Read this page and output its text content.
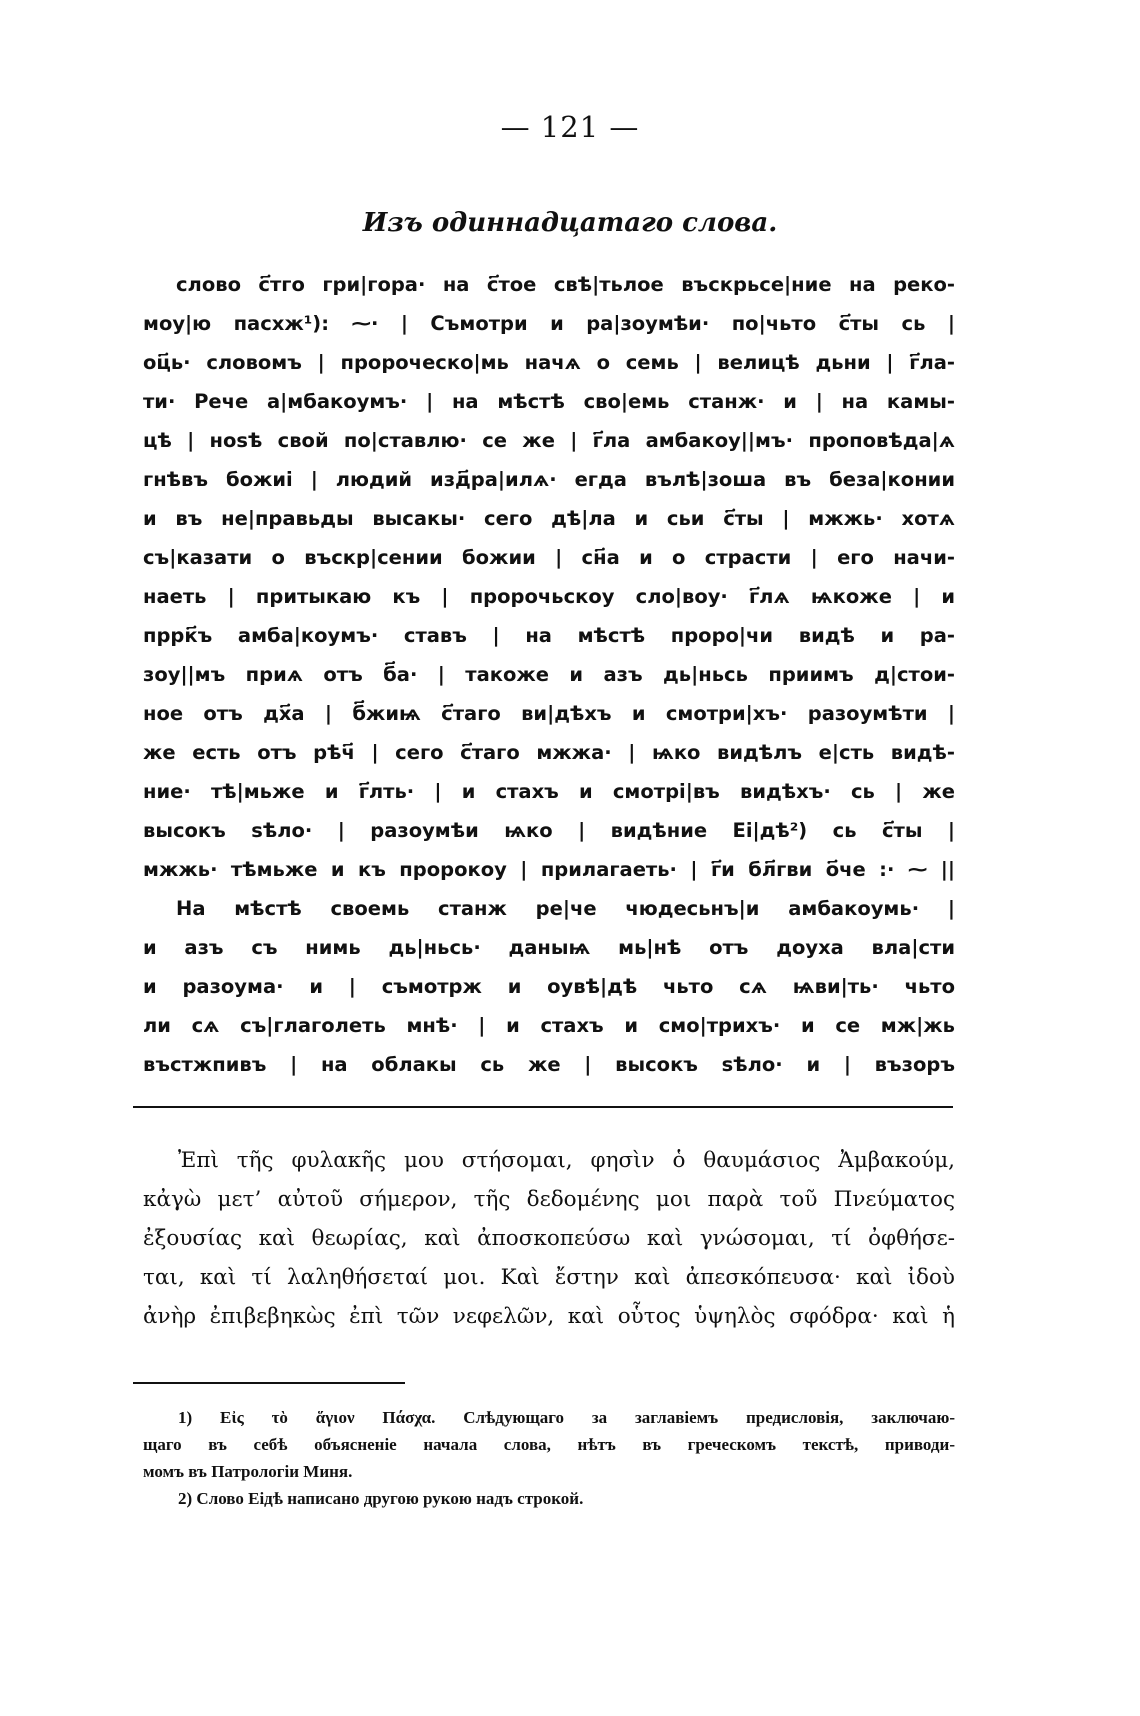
— 121 —
Изъ одиннадцатаго слова.
слово с҃тго гри|гора· на с҃тое свѣ|тьлое въскрьсе|ние на реко-
моу|ю пасхж¹): ⁓· | Съмотри и ра|зоумѣи· по|чьто с҃ты сь |
оц҃ь· словомъ | пророческо|мь начѧ о семь | велицѣ дьни | г҃ла-
ти· Рече а|мбакоумъ· | на мѣстѣ сво|емь станж· и | на камы-
цѣ | ноѕѣ свой по|ставлю· се же | г҃ла амбакоу||мъ· проповѣда|ѧ
гнѣвъ божиі | людий изд҃ра|илѧ· егда вълѣ|зоша въ беза|конии
и въ не|правьды высакы· сего дѣ|ла и сьи с҃ты | мжжь· хотѧ
съ|казати о въскр|сении божии | сн҃а и о страсти | его начи-
наеть | притыкаю къ | пророчьскоу сло|воу· г҃лѧ ѩкоже | и
пррк҃ъ амба|коумъ· ставъ | на мѣстѣ проро|чи видѣ и ра-
зоу||мъ приѧ отъ б҃а· | такоже и азъ дь|ньсь приимъ д|стои-
ное отъ дх҃а | б҃жиѩ с҃таго ви|дѣхъ и смотри|хъ· разоумѣти |
же есть отъ рѣч҃ | сего с҃таго мжжа· | ѩко видѣлъ е|сть видѣ-
ние· тѣ|мьже и г҃лть· | и стахъ и смотрі|въ видѣхъ· сь | же
высокъ ѕѣло· | разоумѣи ѩко | видѣние Еі|дѣ²) сь с҃ты |
мжжь· тѣмьже и къ пророкоу | прилагаеть· | г҃и бл҃гви о҃че :· ⁓ ||
На мѣстѣ своемь станж ре|че чюдесьнъ|и амбакоумь· |
и азъ съ нимь дь|ньсь· даныѩ мь|нѣ отъ доуха вла|сти
и разоума· и | съмотрж и оувѣ|дѣ чьто сѧ ѩви|ть· чьто
ли сѧ съ|глаголеть мнѣ· | и стахъ и смо|трихъ· и се мж|жь
въстжпивъ | на облакы сь же | высокъ ѕѣло· и | възоръ
Ἐπὶ τῆς φυλακῆς μου στήσομαι, φησὶν ὁ θαυμάσιος Ἀμβακούμ,
κἀγὼ μετ’ αὐτοῦ σήμερον, τῆς δεδομένης μοι παρὰ τοῦ Πνεύματος
ἐξουσίας καὶ θεωρίας, καὶ ἀποσκοπεύσω καὶ γνώσομαι, τί ὀφθήσε-
ται, καὶ τί λαληθήσεταί μοι. Καὶ ἔστην καὶ ἀπεσκόπευσα· καὶ ἰδοὺ
ἀνὴρ ἐπιβεβηκὼς ἐπὶ τῶν νεφελῶν, καὶ οὗτος ὑψηλὸς σφόδρα· καὶ ἡ
1) Εἰς τὸ ἅγιον Πάσχα. Слѣдующаго за заглавіемъ предисловія, заключаю-
щаго въ себѣ объясненіе начала слова, нѣтъ въ греческомъ текстѣ, приводи-
момъ въ Патрологіи Миня.
2) Слово Еідѣ написано другою рукою надъ строкой.
